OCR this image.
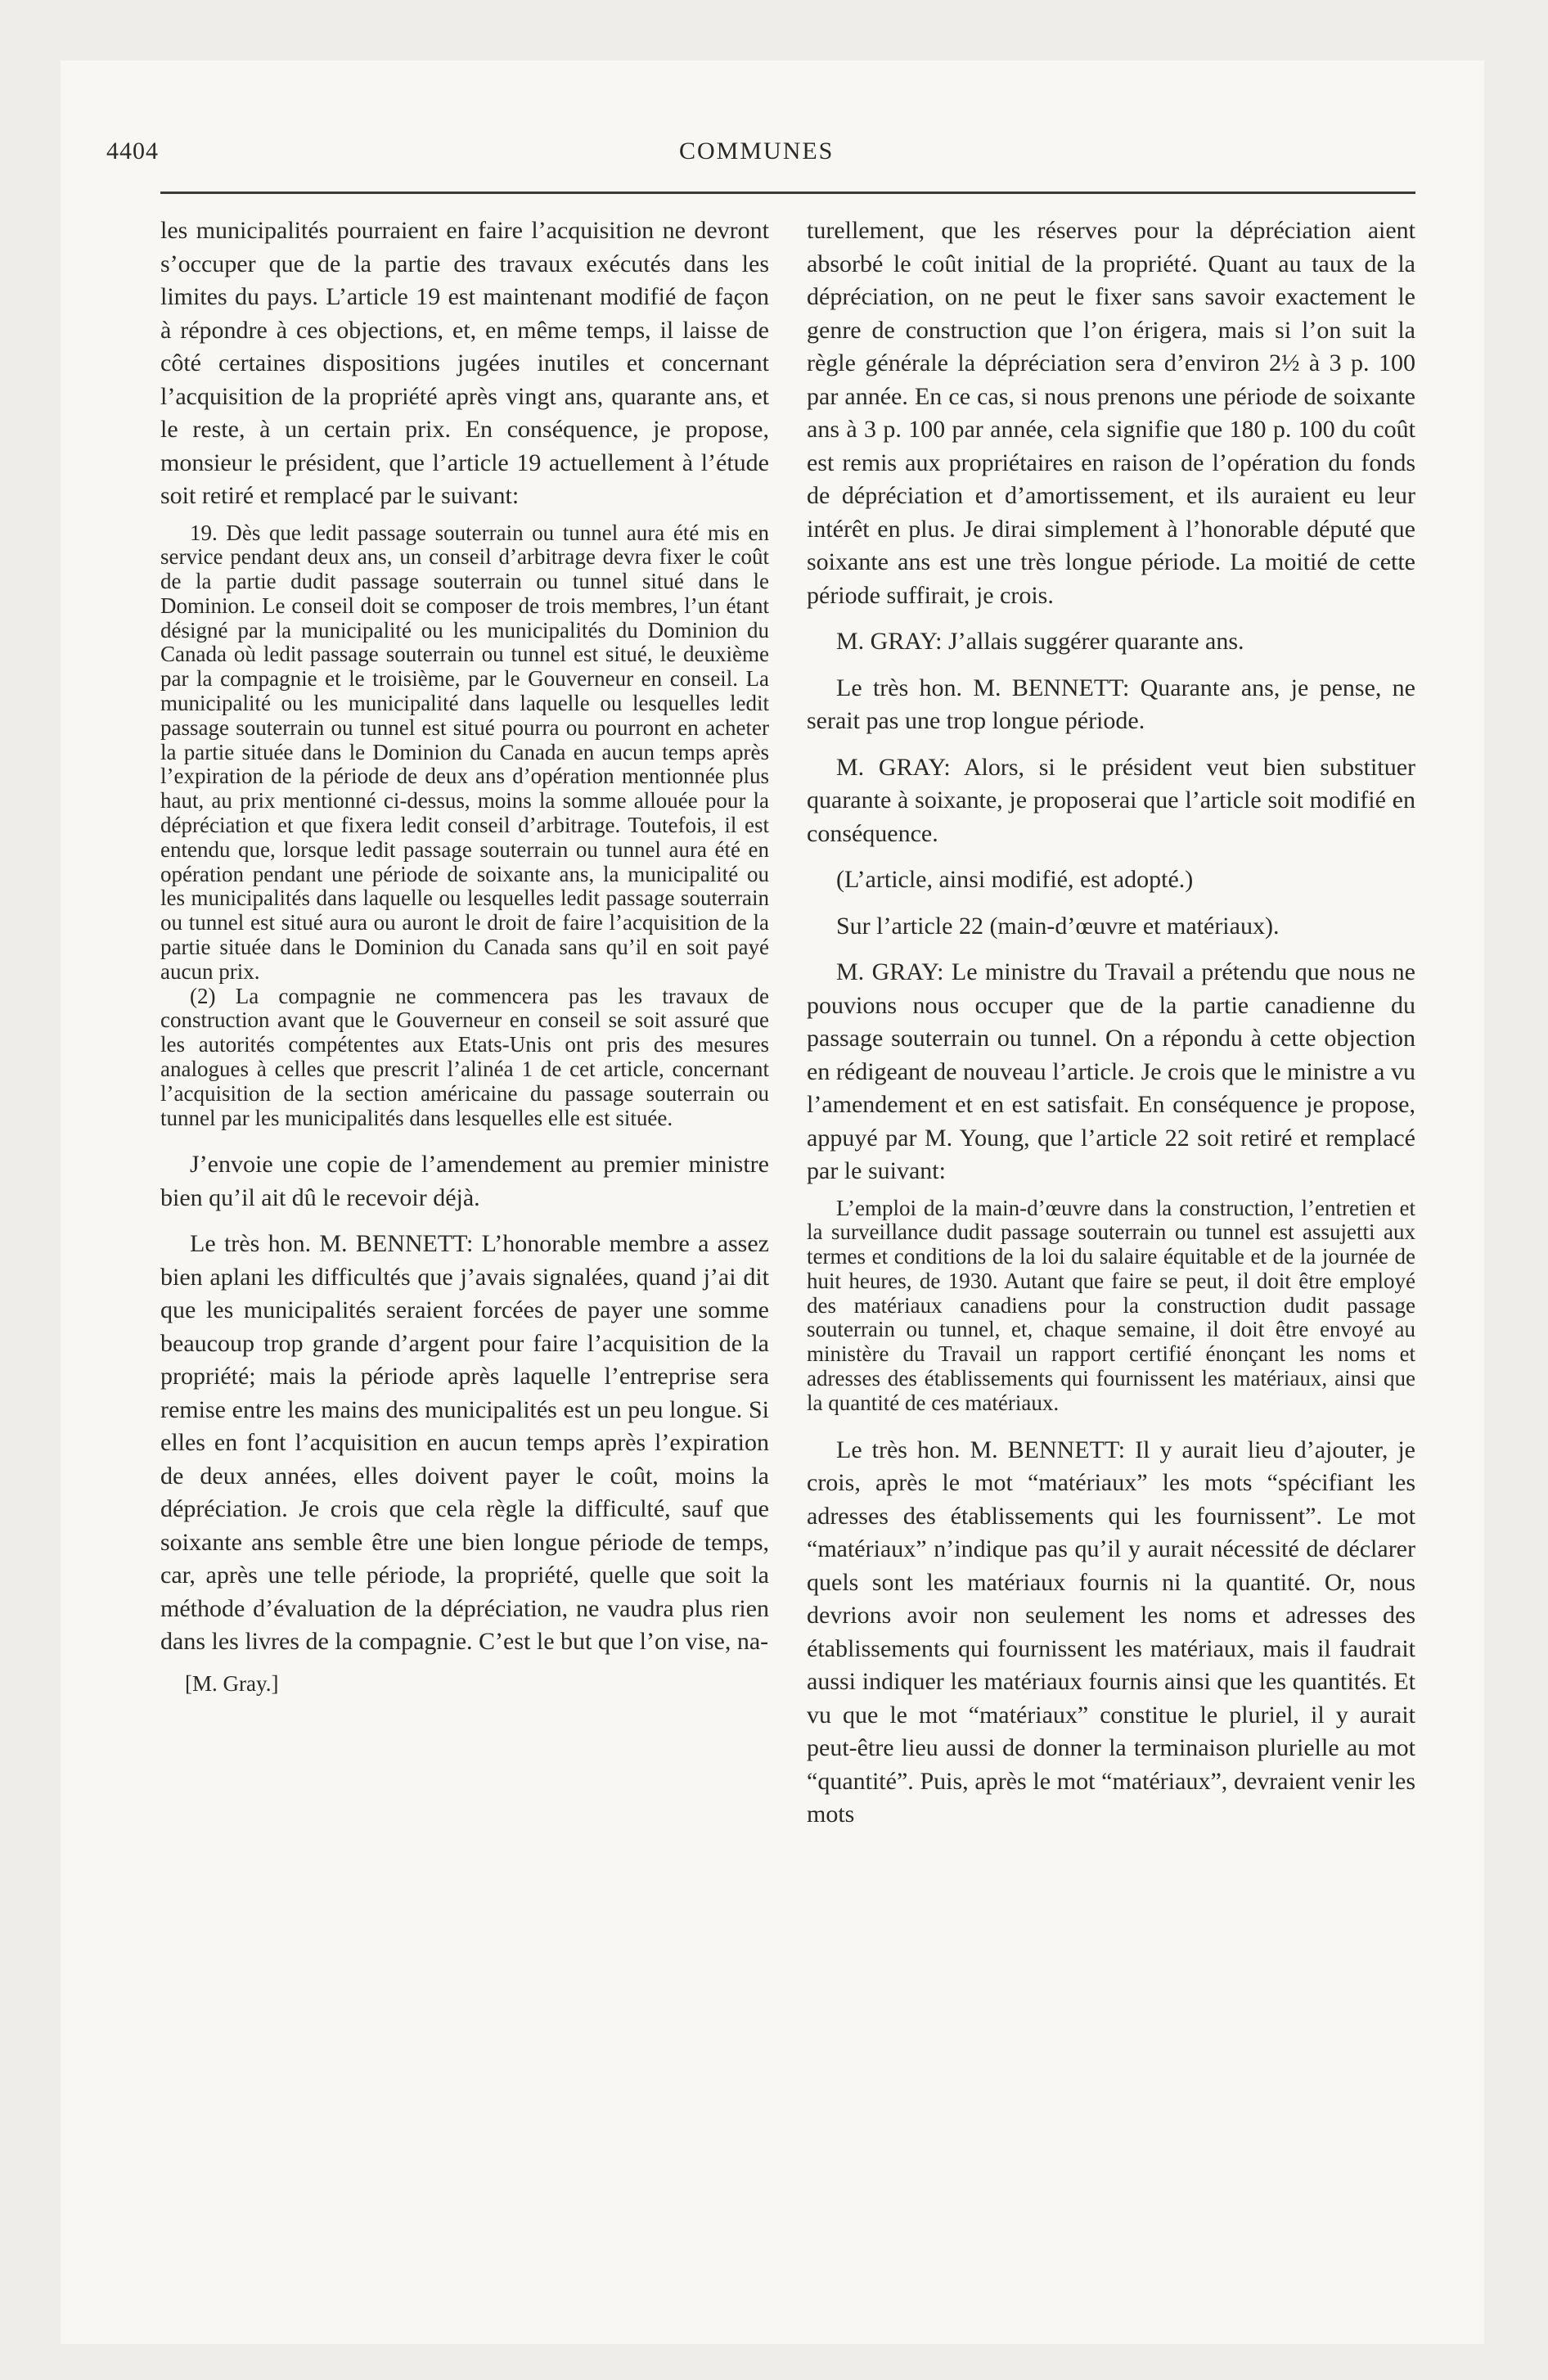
4404	COMMUNES

les municipalités pourraient en faire l’acquisition ne devront s’occuper que de la partie des travaux exécutés dans les limites du pays. L’article 19 est maintenant modifié de façon à répondre à ces objections, et, en même temps, il laisse de côté certaines dispositions jugées inutiles et concernant l’acquisition de la propriété après vingt ans, quarante ans, et le reste, à un certain prix. En conséquence, je propose, monsieur le président, que l’article 19 actuellement à l’étude soit retiré et remplacé par le suivant:

19. Dès que ledit passage souterrain ou tunnel aura été mis en service pendant deux ans, un conseil d’arbitrage devra fixer le coût de la partie dudit passage souterrain ou tunnel situé dans le Dominion. Le conseil doit se composer de trois membres, l’un étant désigné par la municipalité ou les municipalités du Dominion du Canada où ledit passage souterrain ou tunnel est situé, le deuxième par la compagnie et le troisième, par le Gouverneur en conseil. La municipalité ou les municipalité dans laquelle ou lesquelles ledit passage souterrain ou tunnel est situé pourra ou pourront en acheter la partie située dans le Dominion du Canada en aucun temps après l’expiration de la période de deux ans d’opération mentionnée plus haut, au prix mentionné ci-dessus, moins la somme allouée pour la dépréciation et que fixera ledit conseil d’arbitrage. Toutefois, il est entendu que, lorsque ledit passage souterrain ou tunnel aura été en opération pendant une période de soixante ans, la municipalité ou les municipalités dans laquelle ou lesquelles ledit passage souterrain ou tunnel est situé aura ou auront le droit de faire l’acquisition de la partie située dans le Dominion du Canada sans qu’il en soit payé aucun prix.

(2) La compagnie ne commencera pas les travaux de construction avant que le Gouverneur en conseil se soit assuré que les autorités compétentes aux Etats-Unis ont pris des mesures analogues à celles que prescrit l’alinéa 1 de cet article, concernant l’acquisition de la section américaine du passage souterrain ou tunnel par les municipalités dans lesquelles elle est située.

J’envoie une copie de l’amendement au premier ministre bien qu’il ait dû le recevoir déjà.

Le très hon. M. BENNETT: L’honorable membre a assez bien aplani les difficultés que j’avais signalées, quand j’ai dit que les municipalités seraient forcées de payer une somme beaucoup trop grande d’argent pour faire l’acquisition de la propriété; mais la période après laquelle l’entreprise sera remise entre les mains des municipalités est un peu longue. Si elles en font l’acquisition en aucun temps après l’expiration de deux années, elles doivent payer le coût, moins la dépréciation. Je crois que cela règle la difficulté, sauf que soixante ans semble être une bien longue période de temps, car, après une telle période, la propriété, quelle que soit la méthode d’évaluation de la dépréciation, ne vaudra plus rien dans les livres de la compagnie. C’est le but que l’on vise, na-

[M. Gray.]

turellement, que les réserves pour la dépréciation aient absorbé le coût initial de la propriété. Quant au taux de la dépréciation, on ne peut le fixer sans savoir exactement le genre de construction que l’on érigera, mais si l’on suit la règle générale la dépréciation sera d’environ 2½ à 3 p. 100 par année. En ce cas, si nous prenons une période de soixante ans à 3 p. 100 par année, cela signifie que 180 p. 100 du coût est remis aux propriétaires en raison de l’opération du fonds de dépréciation et d’amortissement, et ils auraient eu leur intérêt en plus. Je dirai simplement à l’honorable député que soixante ans est une très longue période. La moitié de cette période suffirait, je crois.

M. GRAY: J’allais suggérer quarante ans.

Le très hon. M. BENNETT: Quarante ans, je pense, ne serait pas une trop longue période.

M. GRAY: Alors, si le président veut bien substituer quarante à soixante, je proposerai que l’article soit modifié en conséquence.

(L’article, ainsi modifié, est adopté.)

Sur l’article 22 (main-d’œuvre et matériaux).

M. GRAY: Le ministre du Travail a prétendu que nous ne pouvions nous occuper que de la partie canadienne du passage souterrain ou tunnel. On a répondu à cette objection en rédigeant de nouveau l’article. Je crois que le ministre a vu l’amendement et en est satisfait. En conséquence je propose, appuyé par M. Young, que l’article 22 soit retiré et remplacé par le suivant:

L’emploi de la main-d’œuvre dans la construction, l’entretien et la surveillance dudit passage souterrain ou tunnel est assujetti aux termes et conditions de la loi du salaire équitable et de la journée de huit heures, de 1930. Autant que faire se peut, il doit être employé des matériaux canadiens pour la construction dudit passage souterrain ou tunnel, et, chaque semaine, il doit être envoyé au ministère du Travail un rapport certifié énonçant les noms et adresses des établissements qui fournissent les matériaux, ainsi que la quantité de ces matériaux.

Le très hon. M. BENNETT: Il y aurait lieu d’ajouter, je crois, après le mot “matériaux” les mots “spécifiant les adresses des établissements qui les fournissent”. Le mot “matériaux” n’indique pas qu’il y aurait nécessité de déclarer quels sont les matériaux fournis ni la quantité. Or, nous devrions avoir non seulement les noms et adresses des établissements qui fournissent les matériaux, mais il faudrait aussi indiquer les matériaux fournis ainsi que les quantités. Et vu que le mot “matériaux” constitue le pluriel, il y aurait peut-être lieu aussi de donner la terminaison plurielle au mot “quantité”. Puis, après le mot “matériaux”, devraient venir les mots
